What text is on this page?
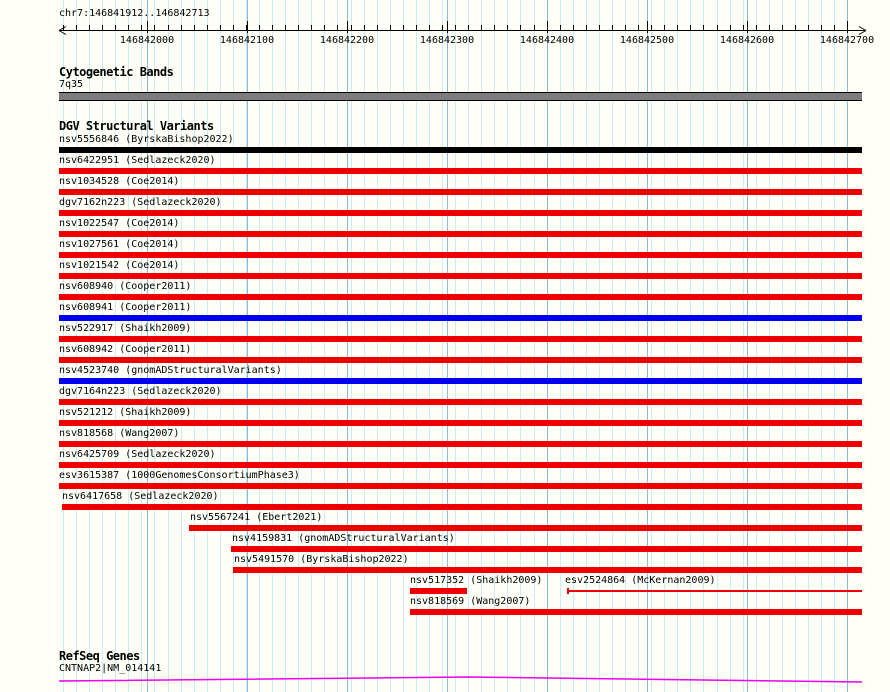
chr7:146841912..146842713
146842000	146842100	146842200	146842300	146842400	146842500	146842600	146842700
Cytogenetic Bands
7q35
DGV Structural Variants
nsv5556846 (ByrskaBishop2022)
nsv6422951 (Sedlazeck2020)
nsv1034528 (Coe2014)
dgv7162n223 (Sedlazeck2020)
nsv1022547 (Coe2014)
nsv1027561 (Coe2014)
nsv1021542 (Coe2014)
nsv608940 (Cooper2011)
nsv608941 (Cooper2011)
nsv522917 (Shaikh2009)
nsv608942 (Cooper2011)
nsv4523740 (gnomADStructuralVariants)
dgv7164n223 (Sedlazeck2020)
nsv521212 (Shaikh2009)
nsv818568 (Wang2007)
nsv6425709 (Sedlazeck2020)
esv3615387 (1000GenomesConsortiumPhase3)
nsv6417658 (Sedlazeck2020)
nsv5567241 (Ebert2021)
nsv4159831 (gnomADStructuralVariants)
nsv5491570 (ByrskaBishop2022)
nsv517352 (Shaikh2009) esv2524864 (McKernan2009)
nsv818569 (Wang2007)
RefSeq Genes
CNTNAP2|NM_014141
